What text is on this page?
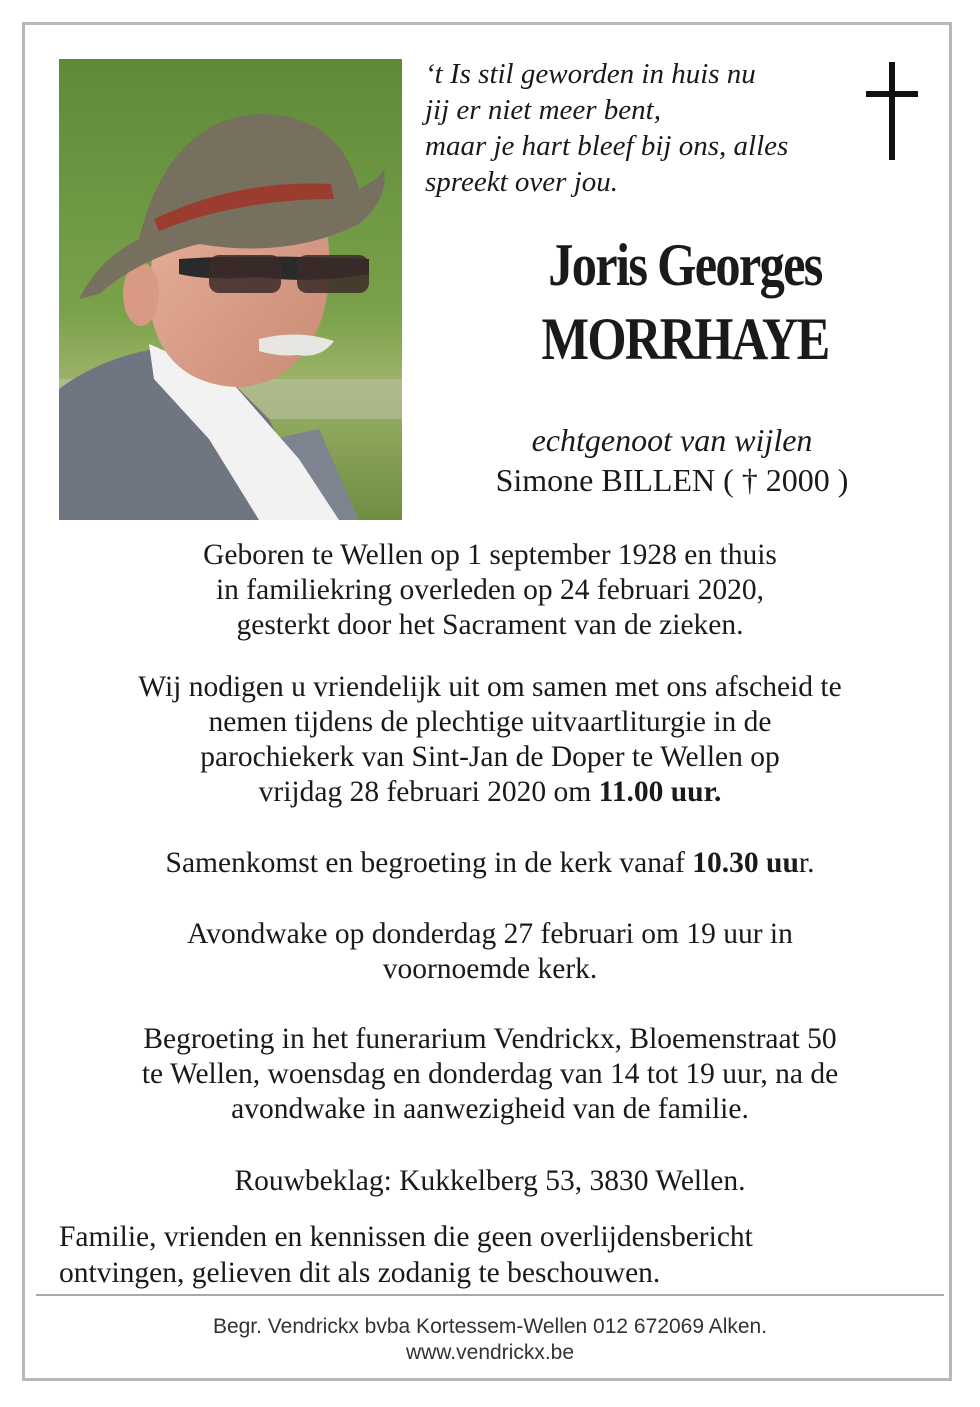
‘t Is stil geworden in huis nu
jij er niet meer bent,
maar je hart bleef bij ons, alles
spreekt over jou.
Joris Georges
MORRHAYE
echtgenoot van wijlen
Simone BILLEN ( † 2000 )
Geboren te Wellen op 1 september 1928 en thuis
in familiekring overleden op 24 februari 2020,
gesterkt door het Sacrament van de zieken.
Wij nodigen u vriendelijk uit om samen met ons afscheid te
nemen tijdens de plechtige uitvaartliturgie in de
parochiekerk van Sint-Jan de Doper te Wellen op
vrijdag 28 februari 2020 om 11.00 uur.
Samenkomst en begroeting in de kerk vanaf 10.30 uur.
Avondwake op donderdag 27 februari om 19 uur in
voornoemde kerk.
Begroeting in het funerarium Vendrickx, Bloemenstraat 50
te Wellen, woensdag en donderdag van 14 tot 19 uur, na de
avondwake in aanwezigheid van de familie.
Rouwbeklag: Kukkelberg 53, 3830 Wellen.
Familie, vrienden en kennissen die geen overlijdensbericht
ontvingen, gelieven dit als zodanig te beschouwen.
Begr. Vendrickx bvba Kortessem-Wellen 012 672069 Alken.
www.vendrickx.be
